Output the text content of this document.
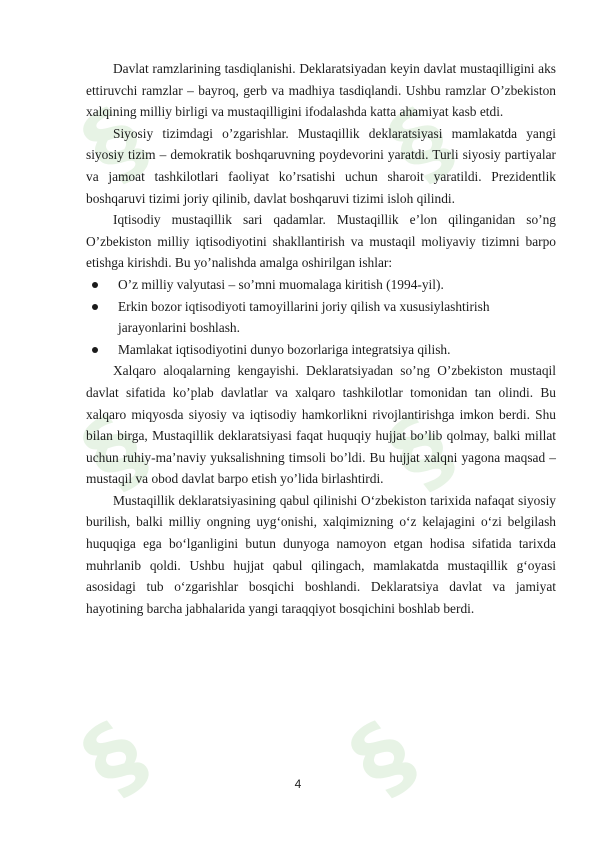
§ §
§ §
§ §

Davlat ramzlarining tasdiqlanishi. Deklaratsiyadan keyin davlat mustaqilligini aks ettiruvchi ramzlar – bayroq, gerb va madhiya tasdiqlandi. Ushbu ramzlar O’zbekiston xalqining milliy birligi va mustaqilligini ifodalashda katta ahamiyat kasb etdi.

Siyosiy tizimdagi o’zgarishlar. Mustaqillik deklaratsiyasi mamlakatda yangi siyosiy tizim – demokratik boshqaruvning poydevorini yaratdi. Turli siyosiy partiyalar va jamoat tashkilotlari faoliyat ko’rsatishi uchun sharoit yaratildi. Prezidentlik boshqaruvi tizimi joriy qilinib, davlat boshqaruvi tizimi isloh qilindi.

Iqtisodiy mustaqillik sari qadamlar. Mustaqillik e’lon qilinganidan so’ng O’zbekiston milliy iqtisodiyotini shakllantirish va mustaqil moliyaviy tizimni barpo etishga kirishdi. Bu yo’nalishda amalga oshirilgan ishlar:

O’z milliy valyutasi – so’mni muomalaga kiritish (1994-yil).
Erkin bozor iqtisodiyoti tamoyillarini joriy qilish va xususiylashtirish jarayonlarini boshlash.
Mamlakat iqtisodiyotini dunyo bozorlariga integratsiya qilish.

Xalqaro aloqalarning kengayishi. Deklaratsiyadan so’ng O’zbekiston mustaqil davlat sifatida ko’plab davlatlar va xalqaro tashkilotlar tomonidan tan olindi. Bu xalqaro miqyosda siyosiy va iqtisodiy hamkorlikni rivojlantirishga imkon berdi. Shu bilan birga, Mustaqillik deklaratsiyasi faqat huquqiy hujjat bo’lib qolmay, balki millat uchun ruhiy-ma’naviy yuksalishning timsoli bo’ldi. Bu hujjat xalqni yagona maqsad – mustaqil va obod davlat barpo etish yo’lida birlashtirdi.

Mustaqillik deklaratsiyasining qabul qilinishi O‘zbekiston tarixida nafaqat siyosiy burilish, balki milliy ongning uyg‘onishi, xalqimizning o‘z kelajagini o‘zi belgilash huquqiga ega bo‘lganligini butun dunyoga namoyon etgan hodisa sifatida tarixda muhrlanib qoldi. Ushbu hujjat qabul qilingach, mamlakatda mustaqillik g‘oyasi asosidagi tub o‘zgarishlar bosqichi boshlandi. Deklaratsiya davlat va jamiyat hayotining barcha jabhalarida yangi taraqqiyot bosqichini boshlab berdi.

4
